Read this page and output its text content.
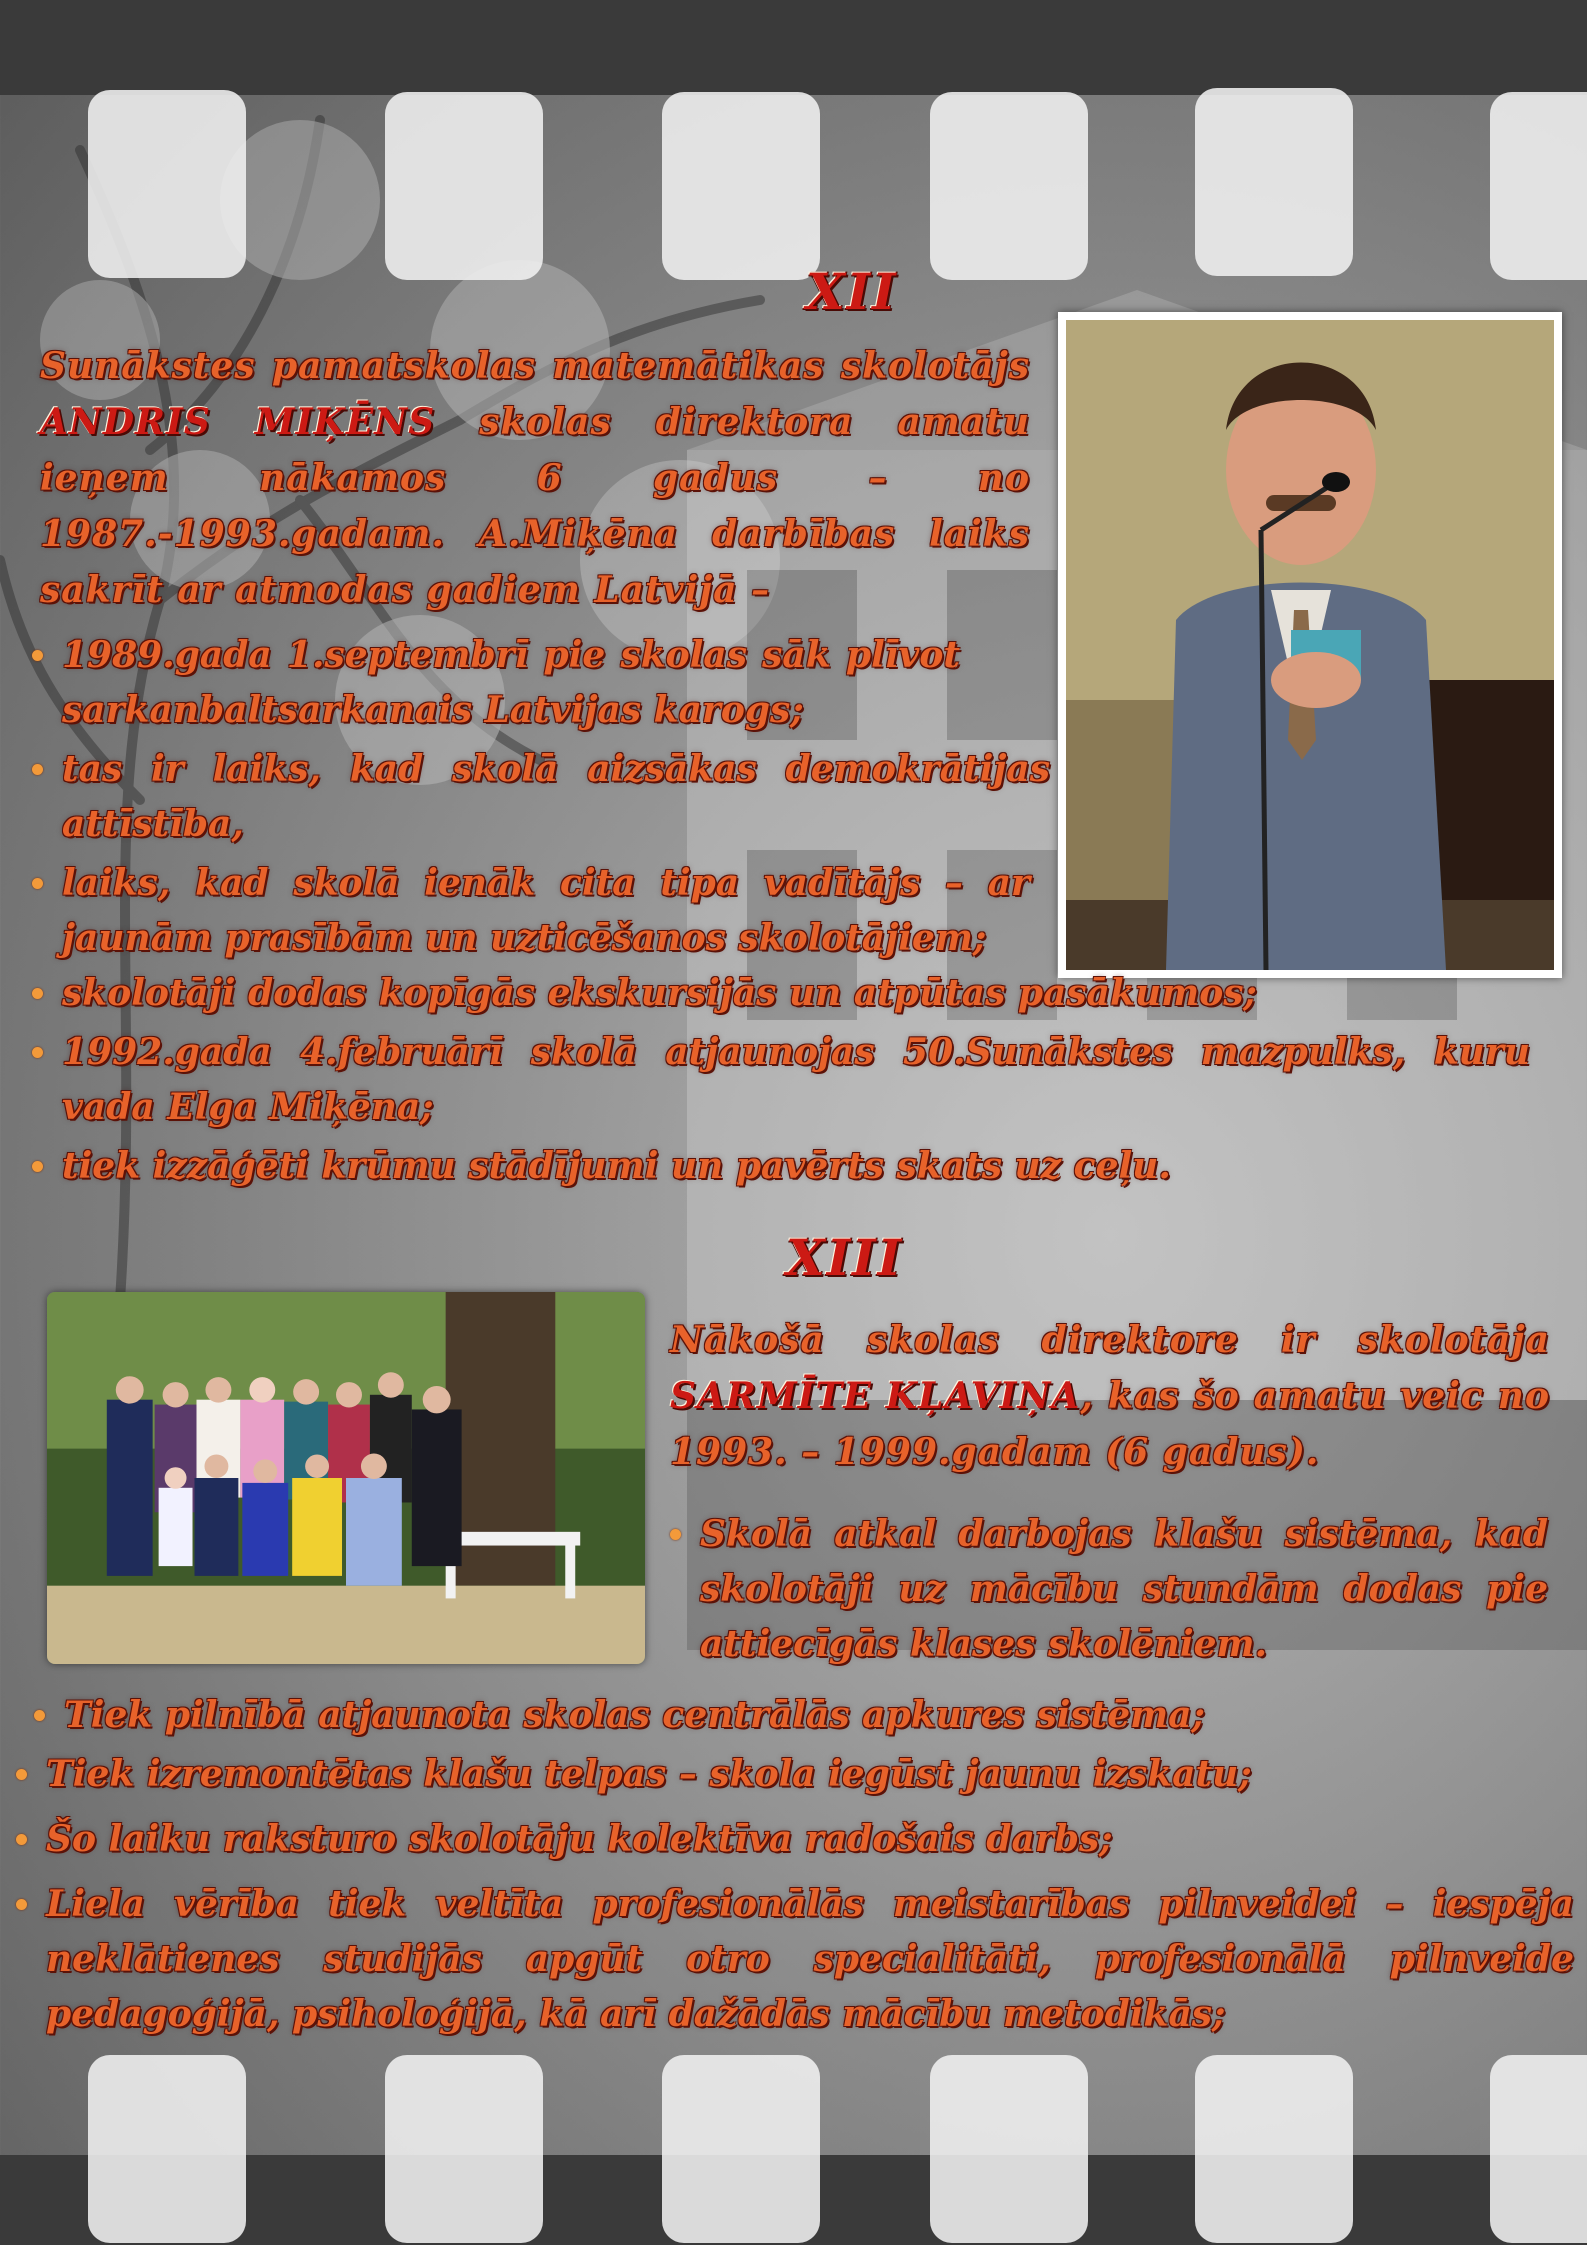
XII
Sunākstes pamatskolas matemātikas skolotājs ANDRIS MIĶĒNS skolas direktora amatu ieņem nākamos 6 gadus – no 1987.-1993.gadam. A.Miķēna darbības laiks sakrīt ar atmodas gadiem Latvijā –
1989.gada 1.septembrī pie skolas sāk plīvot sarkanbaltsarkanais Latvijas karogs;
tas ir laiks, kad skolā aizsākas demokrātijas attīstība,
laiks, kad skolā ienāk cita tipa vadītājs – ar jaunām prasībām un uzticēšanos skolotājiem;
skolotāji dodas kopīgās ekskursijās un atpūtas pasākumos;
1992.gada 4.februārī skolā atjaunojas 50.Sunākstes mazpulks, kuru vada Elga Miķēna;
tiek izzāģēti krūmu stādījumi un pavērts skats uz ceļu.
XIII
Nākošā skolas direktore ir skolotāja SARMĪTE KĻAVIŅA, kas šo amatu veic no 1993. – 1999.gadam (6 gadus).
Skolā atkal darbojas klašu sistēma, kad skolotāji uz mācību stundām dodas pie attiecīgās klases skolēniem.
Tiek pilnībā atjaunota skolas centrālās apkures sistēma;
Tiek izremontētas klašu telpas – skola iegūst jaunu izskatu;
Šo laiku raksturo skolotāju kolektīva radošais darbs;
Liela vērība tiek veltīta profesionālās meistarības pilnveidei – iespēja neklātienes studijās apgūt otro specialitāti, profesionālā pilnveide pedagoģijā, psiholoģijā, kā arī dažādās mācību metodikās;
